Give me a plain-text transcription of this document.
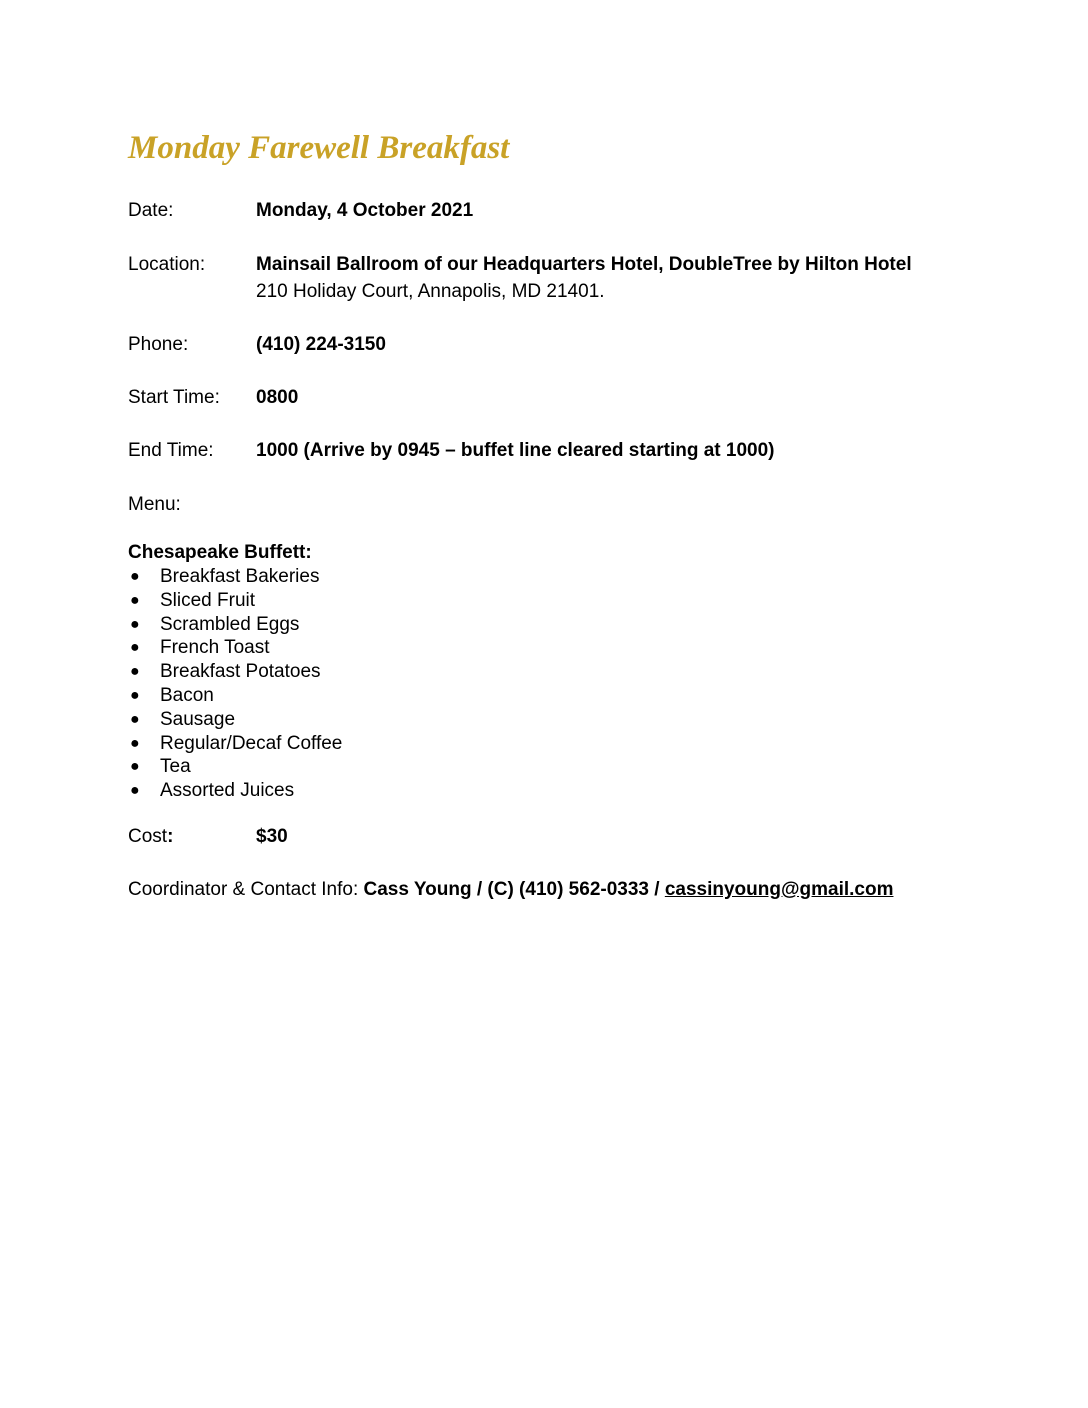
Monday Farewell Breakfast
Date:	Monday, 4 October 2021
Location:	Mainsail Ballroom of our Headquarters Hotel, DoubleTree by Hilton Hotel
210 Holiday Court, Annapolis, MD 21401.
Phone:	(410) 224-3150
Start Time: 0800
End Time: 1000 (Arrive by 0945 – buffet line cleared starting at 1000)
Menu:
Chesapeake Buffett:
● Breakfast Bakeries
● Sliced Fruit
● Scrambled Eggs
● French Toast
● Breakfast Potatoes
● Bacon
● Sausage
● Regular/Decaf Coffee
● Tea
● Assorted Juices
Cost:	$30
Coordinator & Contact Info: Cass Young / (C) (410) 562-0333 / cassinyoung@gmail.com
